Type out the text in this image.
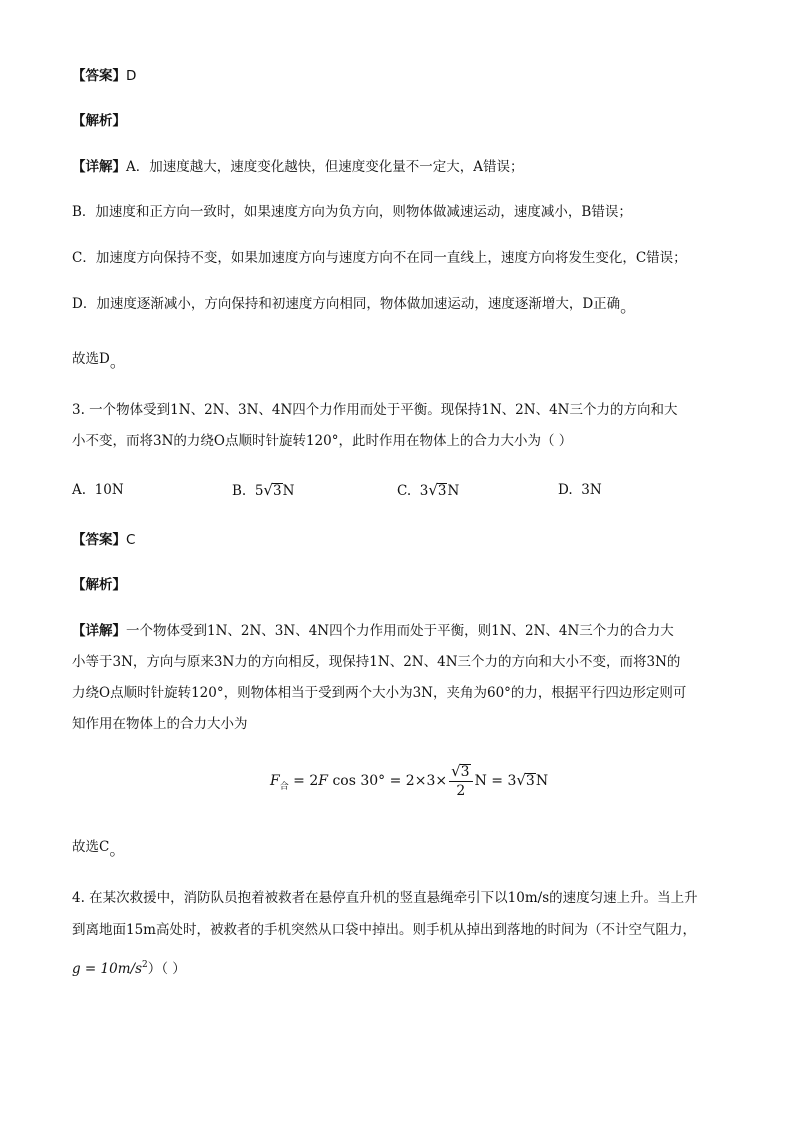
【答案】D
【解析】
【详解】A．加速度越大，速度变化越快，但速度变化量不一定大，A错误；
B．加速度和正方向一致时，如果速度方向为负方向，则物体做减速运动，速度减小，B错误；
C．加速度方向保持不变，如果加速度方向与速度方向不在同一直线上，速度方向将发生变化，C错误；
D．加速度逐渐减小，方向保持和初速度方向相同，物体做加速运动，速度逐渐增大，D正确。
故选D。
3. 一个物体受到1N、2N、3N、4N四个力作用而处于平衡。现保持1N、2N、4N三个力的方向和大
小不变，而将3N的力绕O点顺时针旋转120°，此时作用在物体上的合力大小为（ ）
A. 10N	B. 5√3N	C. 3√3N	D. 3N
【答案】C
【解析】
【详解】一个物体受到1N、2N、3N、4N四个力作用而处于平衡，则1N、2N、4N三个力的合力大
小等于3N，方向与原来3N力的方向相反，现保持1N、2N、4N三个力的方向和大小不变，而将3N的
力绕O点顺时针旋转120°，则物体相当于受到两个大小为3N，夹角为60°的力，根据平行四边形定则可
知作用在物体上的合力大小为
$F_合 = 2F$ $\cos 30^\circ = 2\times 3\times \frac{√3}{2}$ N = 3√3N
故选C。
4. 在某次救援中，消防队员抱着被救者在悬停直升机的竖直悬绳牵引下以10m/s的速度匀速上升。当上升
到离地面15m高处时，被救者的手机突然从口袋中掉出。则手机从掉出到落地的时间为（不计空气阻力，
$g = 10m/s^2$）（ ）
